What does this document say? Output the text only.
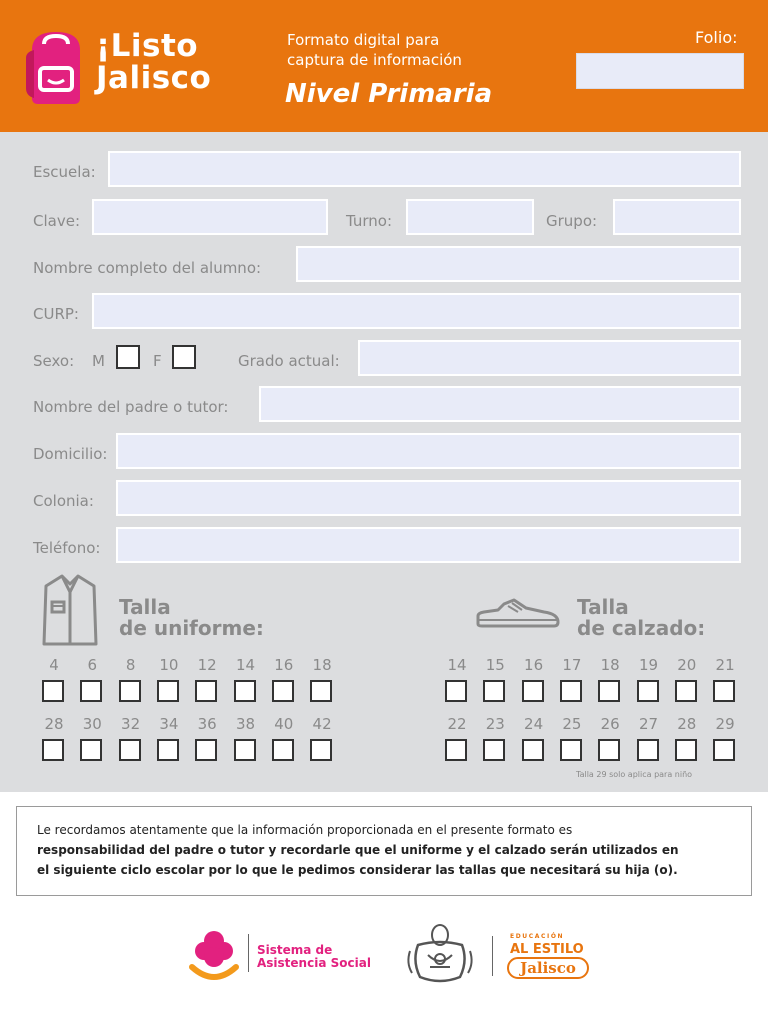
¡Listo
Jalisco
Formato digital para
captura de información
Nivel Primaria
Folio:
Escuela:
Clave:	Turno:	Grupo:
Nombre completo del alumno:
CURP:
Sexo: M	F	Grado actual:
Nombre del padre o tutor:
Domicilio:
Colonia:
Teléfono:
Talla
de uniforme:
4	6	8	10 12 14 16 18
28 30 32 34 36 38 40 42
Talla
de calzado:
14 15 16 17 18 19 20 21
22 23 24 25 26 27 28 29
Talla 29 solo aplica para niño
Le recordamos atentamente que la información proporcionada en el presente formato es
responsabilidad del padre o tutor y recordarle que el uniforme y el calzado serán utilizados en
el siguiente ciclo escolar por lo que le pedimos considerar las tallas que necesitará su hija (o).
Sistema de
Asistencia Social
EDUCACIÓN
AL ESTILO
Jalisco
